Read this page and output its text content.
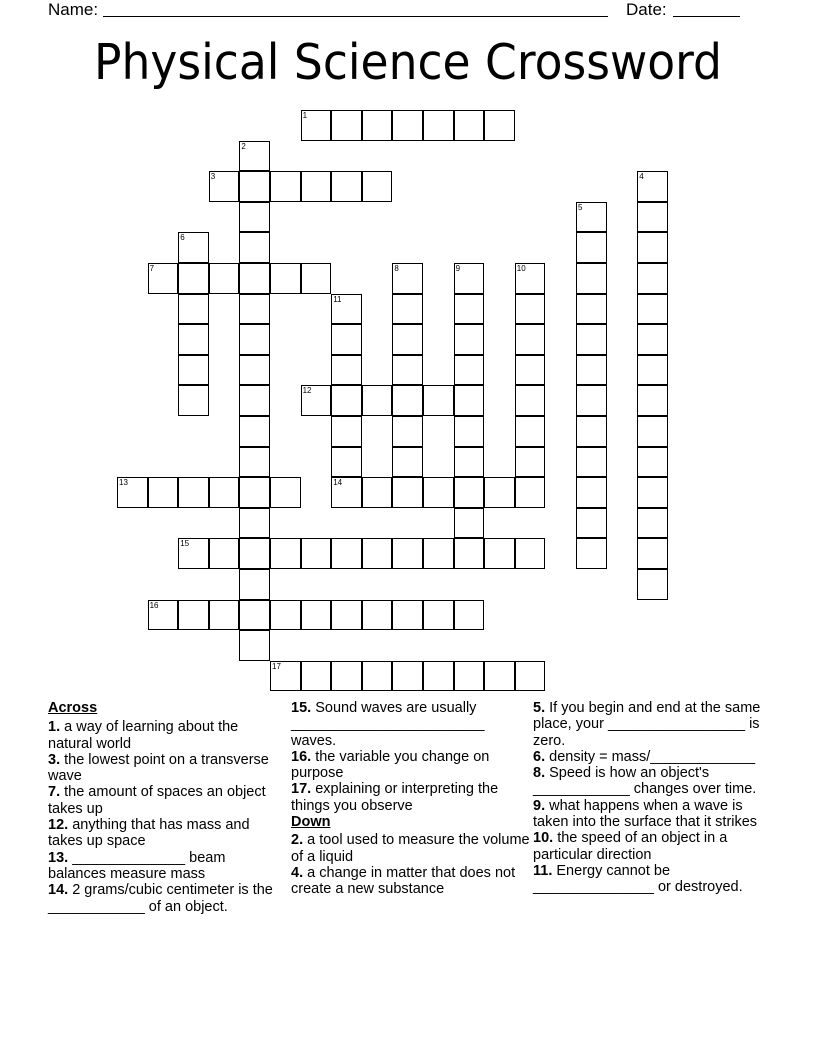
Name:	Date:
Physical Science Crossword
1
2
3	4
5
6
7	8	9	10
11
14
12
13
15
16
17
Across
1. a way of learning about the natural world
3. the lowest point on a transverse wave
7. the amount of spaces an object takes up
12. anything that has mass and takes up space
13. ______________ beam balances measure mass
14. 2 grams/cubic centimeter is the ____________ of an object.
15. Sound waves are usually ________________________ waves.
16. the variable you change on purpose
17. explaining or interpreting the things you observe
Down
2. a tool used to measure the volume of a liquid
4. a change in matter that does not create a new substance
5. If you begin and end at the same place, your _________________ is zero.
6. density = mass/_____________
8. Speed is how an object's ____________ changes over time.
9. what happens when a wave is taken into the surface that it strikes
10. the speed of an object in a particular direction
11. Energy cannot be _______________ or destroyed.
